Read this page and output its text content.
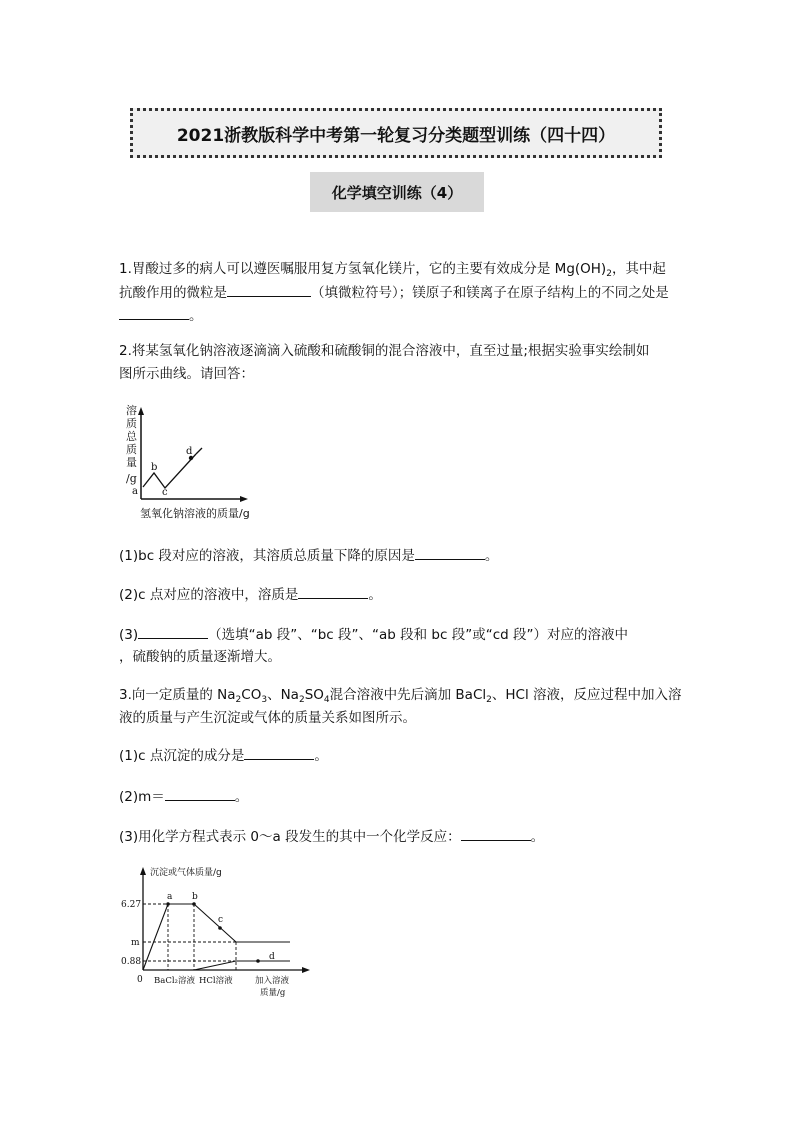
2021浙教版科学中考第一轮复习分类题型训练（四十四）
化学填空训练（4）
1.胃酸过多的病人可以遵医嘱服用复方氢氧化镁片，它的主要有效成分是 $Mg(OH)_2$，其中起
抗酸作用的微粒是	（填微粒符号）；镁原子和镁离子在原子结构上的不同之处是
。
2.将某氢氧化钠溶液逐滴滴入硫酸和硫酸铜的混合溶液中，直至过量;根据实验事实绘制如
图所示曲线。请回答：
溶
质
总
质
量
/g
a
b
c
d
氢氧化钠溶液的质量/g
(1)bc 段对应的溶液，其溶质总质量下降的原因是	。
(2)c 点对应的溶液中，溶质是	。
(3)	（选填“ab 段”、“bc 段”、“ab 段和 bc 段”或“cd 段”）对应的溶液中
，硫酸钠的质量逐渐增大。
3.向一定质量的 $Na_2CO_3$、$Na_2SO_4$混合溶液中先后滴加 BaCl$_2$、HCl 溶液，反应过程中加入溶
液的质量与产生沉淀或气体的质量关系如图所示。
(1)c 点沉淀的成分是	。
(2)m＝	。
(3)用化学方程式表示 0～a 段发生的其中一个化学反应：	。
沉淀或气体质量/g
6.27
m
0.88
0
a b
c
d
BaCl₂溶液 HCl溶液	加入溶液
质量/g
